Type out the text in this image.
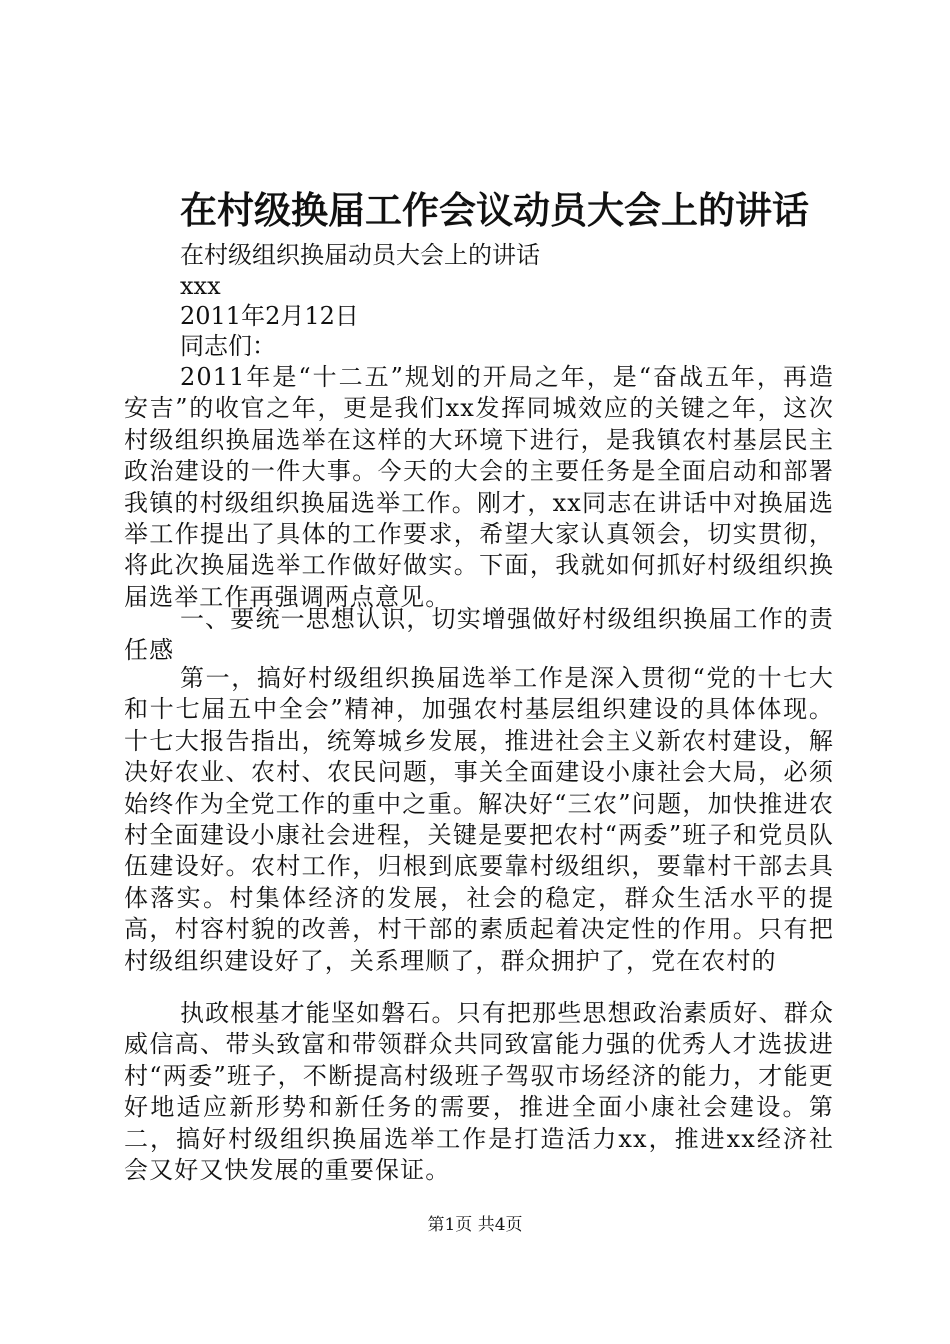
在村级换届工作会议动员大会上的讲话
在村级组织换届动员大会上的讲话
xxx
2011年2月12日
同志们：
2011年是“十二五”规划的开局之年，是“奋战五年，再造安吉”的收官之年，更是我们xx发挥同城效应的关键之年，这次村级组织换届选举在这样的大环境下进行，是我镇农村基层民主政治建设的一件大事。今天的大会的主要任务是全面启动和部署我镇的村级组织换届选举工作。刚才，xx同志在讲话中对换届选举工作提出了具体的工作要求，希望大家认真领会，切实贯彻，将此次换届选举工作做好做实。下面，我就如何抓好村级组织换届选举工作再强调两点意见。
一、要统一思想认识，切实增强做好村级组织换届工作的责任感
第一，搞好村级组织换届选举工作是深入贯彻“党的十七大和十七届五中全会”精神，加强农村基层组织建设的具体体现。十七大报告指出，统筹城乡发展，推进社会主义新农村建设，解决好农业、农村、农民问题，事关全面建设小康社会大局，必须始终作为全党工作的重中之重。解决好“三农”问题，加快推进农村全面建设小康社会进程，关键是要把农村“两委”班子和党员队伍建设好。农村工作，归根到底要靠村级组织，要靠村干部去具体落实。村集体经济的发展，社会的稳定，群众生活水平的提高，村容村貌的改善，村干部的素质起着决定性的作用。只有把村级组织建设好了，关系理顺了，群众拥护了，党在农村的
执政根基才能坚如磐石。只有把那些思想政治素质好、群众威信高、带头致富和带领群众共同致富能力强的优秀人才选拔进村“两委”班子，不断提高村级班子驾驭市场经济的能力，才能更好地适应新形势和新任务的需要，推进全面小康社会建设。第二，搞好村级组织换届选举工作是打造活力xx，推进xx经济社会又好又快发展的重要保证。
第1页 共4页
